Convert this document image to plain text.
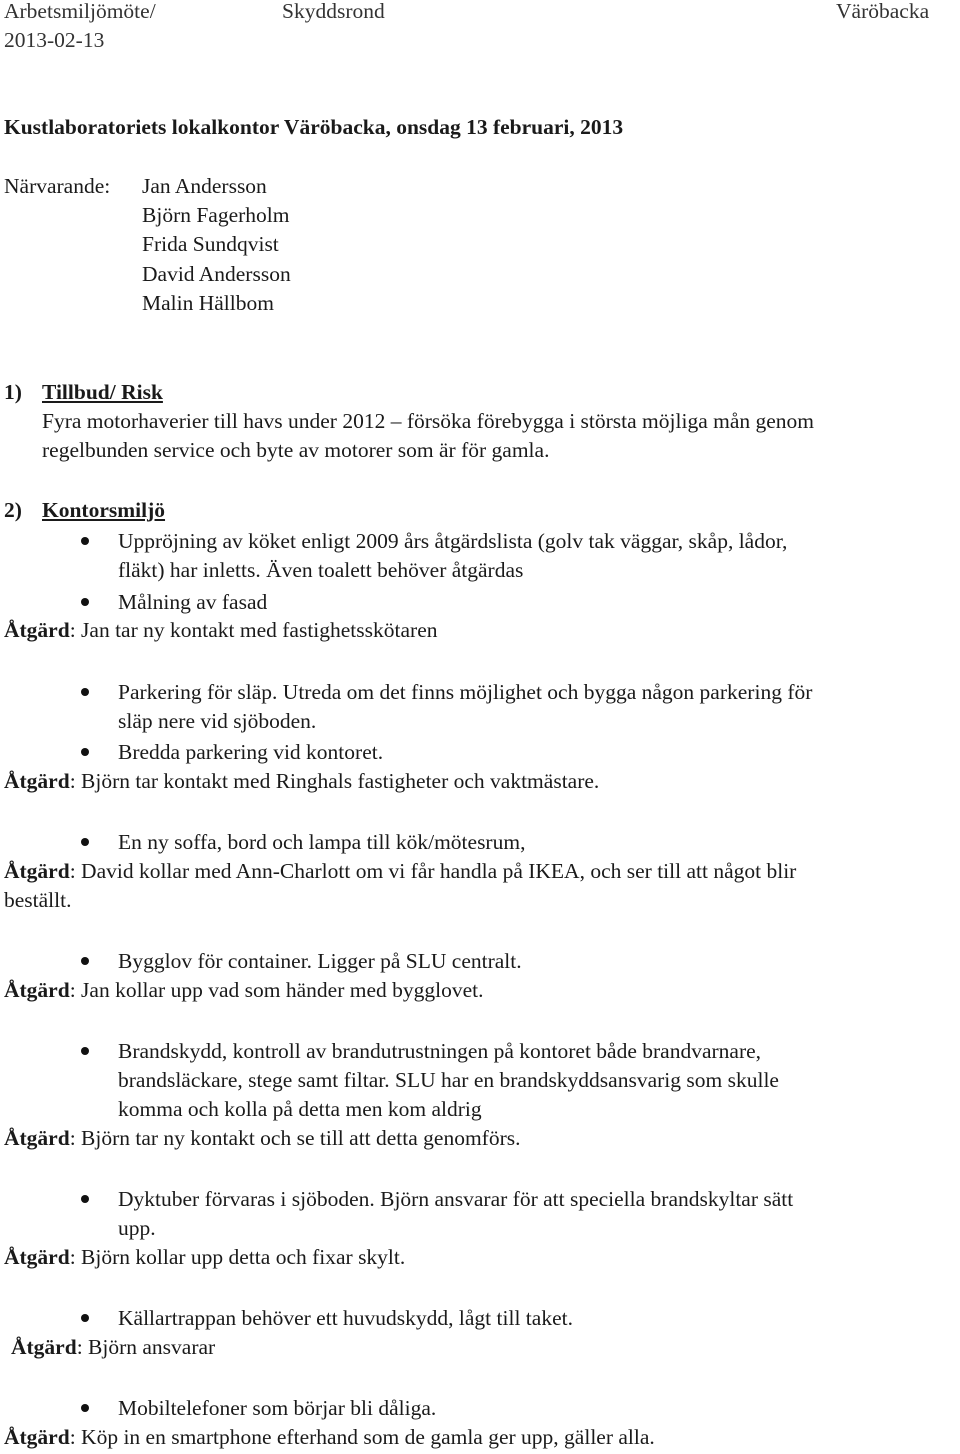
Arbetsmiljömöte/
2013-02-13
Skyddsrond	Väröbacka
Kustlaboratoriets lokalkontor Väröbacka, onsdag 13 februari, 2013
Närvarande: Jan Andersson
Björn Fagerholm
Frida Sundqvist
David Andersson
Malin Hällbom
1) Tillbud/ Risk
Fyra motorhaverier till havs under 2012 – försöka förebygga i största möjliga mån genom
regelbunden service och byte av motorer som är för gamla.
2) Kontorsmiljö
Uppröjning av köket enligt 2009 års åtgärdslista (golv tak väggar, skåp, lådor,
fläkt) har inletts. Även toalett behöver åtgärdas
Målning av fasad
Åtgärd: Jan tar ny kontakt med fastighetsskötaren
Parkering för släp. Utreda om det finns möjlighet och bygga någon parkering för
släp nere vid sjöboden.
Bredda parkering vid kontoret.
Åtgärd: Björn tar kontakt med Ringhals fastigheter och vaktmästare.
En ny soffa, bord och lampa till kök/mötesrum,
Åtgärd: David kollar med Ann-Charlott om vi får handla på IKEA, och ser till att något blir
beställt.
Bygglov för container. Ligger på SLU centralt.
Åtgärd: Jan kollar upp vad som händer med bygglovet.
Brandskydd, kontroll av brandutrustningen på kontoret både brandvarnare,
brandsläckare, stege samt filtar. SLU har en brandskyddsansvarig som skulle
komma och kolla på detta men kom aldrig
Åtgärd: Björn tar ny kontakt och se till att detta genomförs.
Dyktuber förvaras i sjöboden. Björn ansvarar för att speciella brandskyltar sätt
upp.
Åtgärd: Björn kollar upp detta och fixar skylt.
Källartrappan behöver ett huvudskydd, lågt till taket.
Åtgärd: Björn ansvarar
Mobiltelefoner som börjar bli dåliga.
Åtgärd: Köp in en smartphone efterhand som de gamla ger upp, gäller alla.
